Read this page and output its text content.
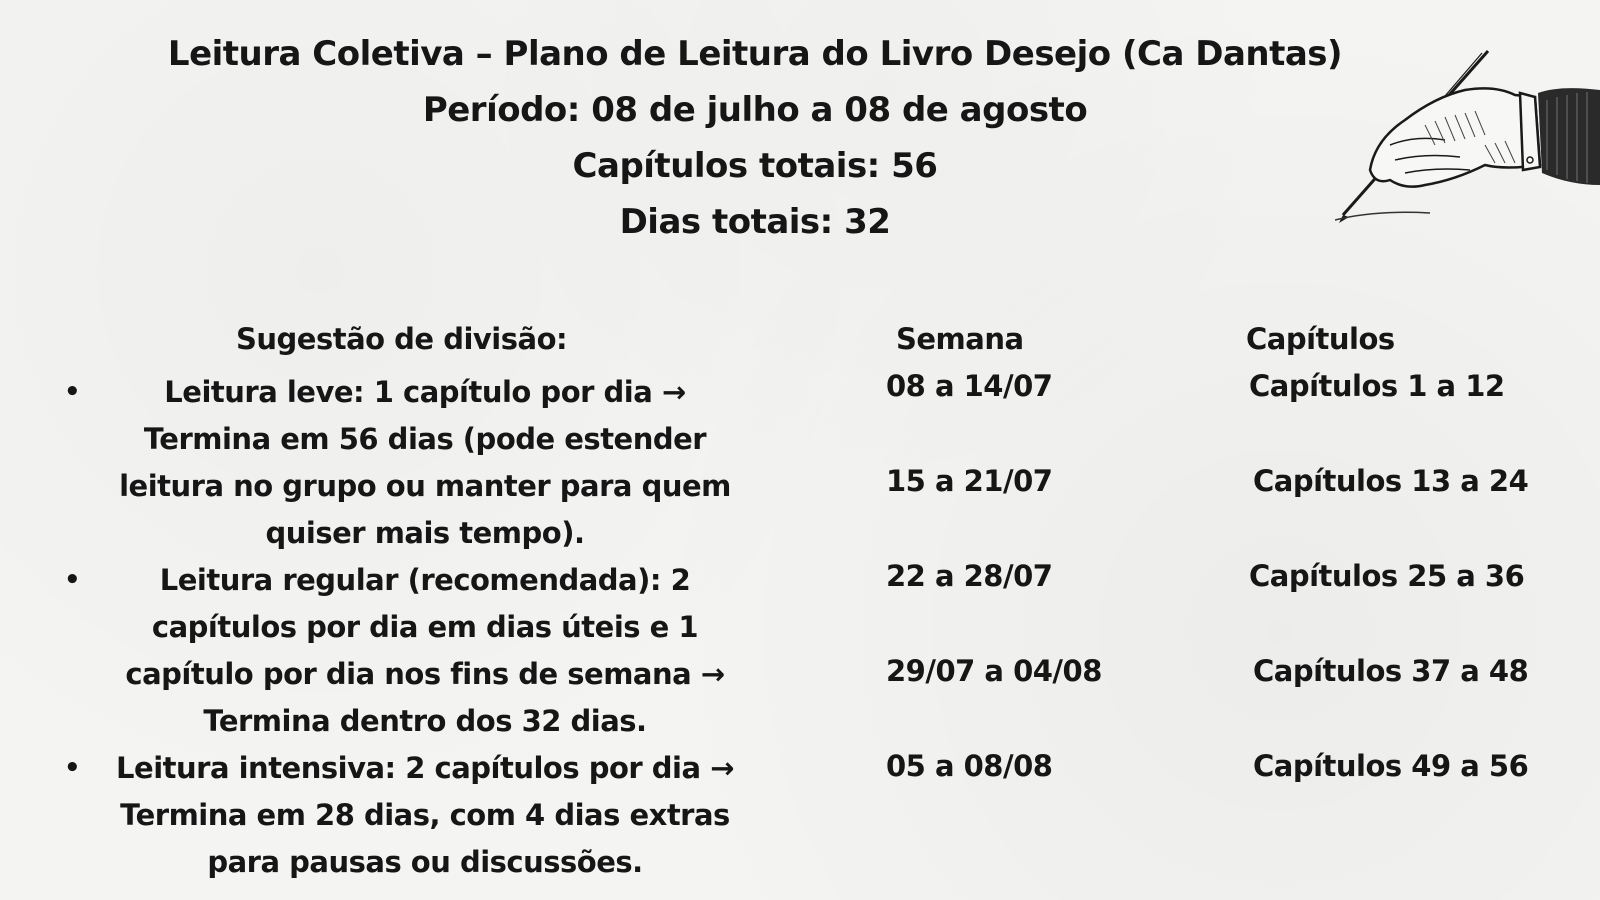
Leitura Coletiva – Plano de Leitura do Livro Desejo (Ca Dantas)
Período: 08 de julho a 08 de agosto
Capítulos totais: 56
Dias totais: 32
Sugestão de divisão:
•	Leitura leve: 1 capítulo por dia → Termina em 56 dias (pode estender leitura no grupo ou manter para quem quiser mais tempo).
•	Leitura regular (recomendada): 2 capítulos por dia em dias úteis e 1 capítulo por dia nos fins de semana → Termina dentro dos 32 dias.
•	Leitura intensiva: 2 capítulos por dia → Termina em 28 dias, com 4 dias extras para pausas ou discussões.
Semana	Capítulos
08 a 14/07	Capítulos 1 a 12
15 a 21/07	Capítulos 13 a 24
22 a 28/07	Capítulos 25 a 36
29/07 a 04/08	Capítulos 37 a 48
05 a 08/08	Capítulos 49 a 56
